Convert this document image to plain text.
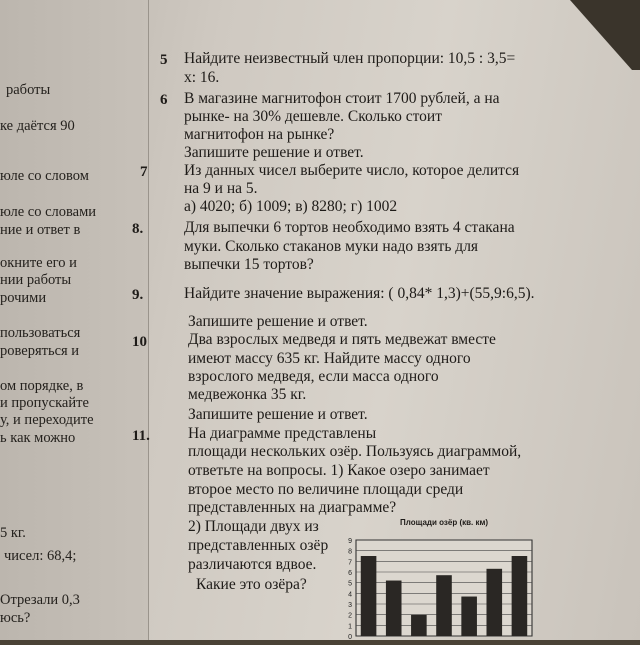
работы
ке даётся 90
юле со словом
юле со словами
ние и ответ в
окните его и
нии работы
рочими
пользоваться
роверяться и
ом порядке, в
и пропускайте
у, и переходите
ь как можно
5 кг.
чисел: 68,4;
Отрезали 0,3
юсь?
5 Найдите неизвестный член пропорции: 10,5 : 3,5=
x: 16.
6 В магазине магнитофон стоит 1700 рублей, а на
рынке- на 30% дешевле. Сколько стоит
магнитофон на рынке?
Запишите решение и ответ.
7 Из данных чисел выберите число, которое делится
на 9 и на 5.
а) 4020; б) 1009; в) 8280; г) 1002
8.	Для выпечки 6 тортов необходимо взять 4 стакана
муки. Сколько стаканов муки надо взять для
выпечки 15 тортов?
9.	Найдите значение выражения: ( 0,84* 1,3)+(55,9:6,5).
Запишите решение и ответ.
10	Два взрослых медведя и пять медвежат вместе
имеют массу 635 кг. Найдите массу одного
взрослого медведя, если масса одного
медвежонка 35 кг.
Запишите решение и ответ.
11. На диаграмме представлены
площади нескольких озёр. Пользуясь диаграммой,
ответьте на вопросы. 1) Какое озеро занимает
второе место по величине площади среди
представленных на диаграмме?
2) Площади двух из
представленных озёр
различаются вдвое.
Какие это озёра?
Площади озёр (кв. км)
0
1
2
3
4
5
6
7
8
9
